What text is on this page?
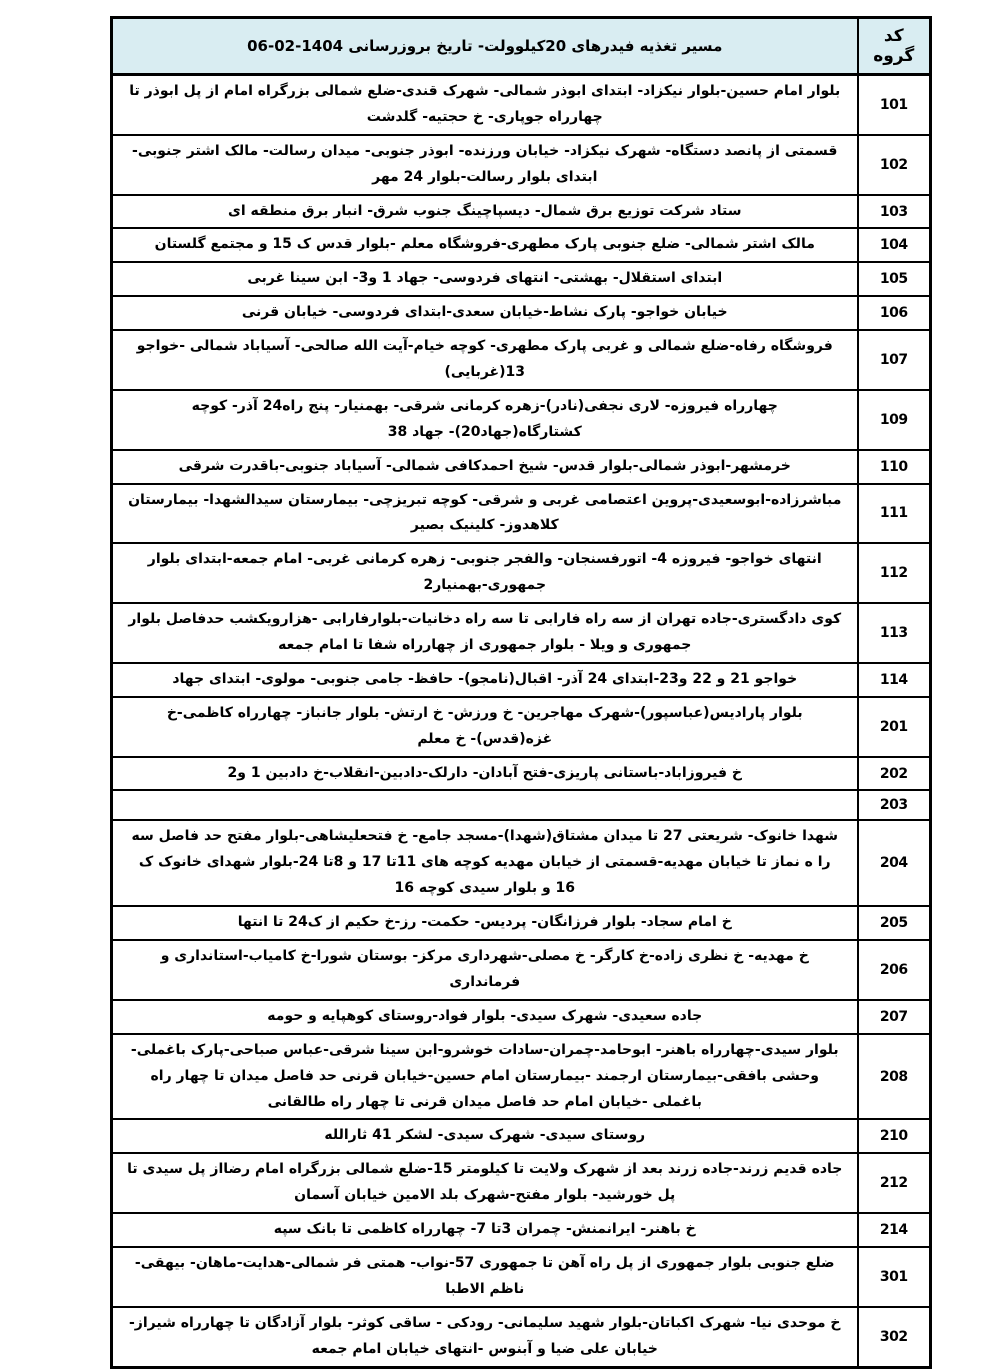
کد گروه	مسیر تغذیه فیدرهای 20کیلوولت- تاریخ بروزرسانی 1404-02-06
101	بلوار امام حسین-بلوار نیکزاد- ابتدای ابوذر شمالی- شهرک قندی-ضلع شمالی بزرگراه امام از پل ابوذر تا چهارراه جوپاری- خ حجتیه- گلدشت
102	قسمتی از پانصد دستگاه- شهرک نیکزاد- خیابان ورزنده- ابوذر جنوبی- میدان رسالت- مالک اشتر جنوبی- ابتدای بلوار رسالت-بلوار 24 مهر
103	ستاد شرکت توزیع برق شمال- دیسپاچینگ جنوب شرق- انبار برق منطقه ای
104	مالک اشتر شمالی- ضلع جنوبی پارک مطهری-فروشگاه معلم -بلوار قدس ک 15 و مجتمع گلستان
105	ابتدای استقلال- بهشتی- انتهای فردوسی- جهاد 1 و3- ابن سینا غربی
106	خیابان خواجو- پارک نشاط-خیابان سعدی-ابتدای فردوسی- خیابان قرنی
107	فروشگاه رفاه-ضلع شمالی و غربی پارک مطهری- کوچه خیام-آیت الله صالحی- آسیاباد شمالی -خواجو 13(غربایی)
109	چهارراه فیروزه- لاری نجفی(نادر)-زهره کرمانی شرقی- بهمنیار- پنج راه24 آذر- کوچه کشتارگاه(جهاد20)- جهاد 38
110	خرمشهر-ابوذر شمالی-بلوار قدس- شیخ احمدکافی شمالی- آسیاباد جنوبی-باقدرت شرقی
111	مباشرزاده-ابوسعیدی-پروین اعتصامی غربی و شرقی- کوچه تبریزچی- بیمارستان سیدالشهدا- بیمارستان کلاهدوز- کلینیک بصیر
112	انتهای خواجو- فیروزه 4- اتورفسنجان- والفجر جنوبی- زهره کرمانی غربی- امام جمعه-ابتدای بلوار جمهوری-بهمنیار2
113	کوی دادگستری-جاده تهران از سه راه فارابی تا سه راه دخانیات-بلوارفارابی -هزارویکشب حدفاصل بلوار جمهوری و ویلا - بلوار جمهوری از چهارراه شفا تا امام جمعه
114	خواجو 21 و 22 و23-ابتدای 24 آذر- اقبال(نامجو)- حافظ- جامی جنوبی- مولوی- ابتدای جهاد
201	بلوار پارادیس(عباسپور)-شهرک مهاجرین- خ ورزش- خ ارتش- بلوار جانباز- چهارراه کاظمی-خ غزه(قدس)- خ معلم
202	خ فیروزاباد-باستانی پاریزی-فتح آبادان- دارلک-دادبین-انقلاب-خ دادبین 1 و2
203	
204	شهدا خانوک- شریعتی 27 تا میدان مشتاق(شهدا)-مسجد جامع- خ فتحعلیشاهی-بلوار مفتح حد فاصل سه را ه نماز تا خیابان مهدیه-قسمتی از خیابان مهدیه کوچه های 11تا 17 و 8تا 24-بلوار شهدای خانوک ک 16 و بلوار سیدی کوچه 16
205	خ امام سجاد- بلوار فرزانگان- پردیس- حکمت- رز-خ حکیم از ک24 تا انتها
206	خ مهدیه- خ نظری زاده-خ کارگر- خ مصلی-شهرداری مرکز- بوستان شورا-خ کامیاب-استانداری و فرمانداری
207	جاده سعیدی- شهرک سیدی- بلوار فواد-روستای کوهپایه و حومه
208	بلوار سیدی-چهارراه باهنر- ابوحامد-چمران-سادات خوشرو-ابن سینا شرقی-عباس صباحی-پارک باغملی- وحشی بافقی-بیمارستان ارجمند -بیمارستان امام حسین-خیابان قرنی حد فاصل میدان تا چهار راه باغملی -خیابان امام حد فاصل میدان قرنی تا چهار راه طالقانی
210	روستای سیدی- شهرک سیدی- لشکر 41 ثارالله
212	جاده قدیم زرند-جاده زرند بعد از شهرک ولایت تا کیلومتر 15-ضلع شمالی بزرگراه امام رضااز پل سیدی تا پل خورشید- بلوار مفتح-شهرک بلد الامین خیابان آسمان
214	خ باهنر- ایرانمنش- چمران 3تا 7- چهارراه کاظمی تا بانک سپه
301	ضلع جنوبی بلوار جمهوری از پل راه آهن تا جمهوری 57-نواب- همتی فر شمالی-هدایت-ماهان- بیهقی-ناظم الاطبا
302	خ موحدی نیا- شهرک اکباتان-بلوار شهید سلیمانی- رودکی - ساقی کوثر- بلوار آزادگان تا چهارراه شیراز-خیابان علی ضیا و آبنوس -انتهای خیابان امام جمعه
